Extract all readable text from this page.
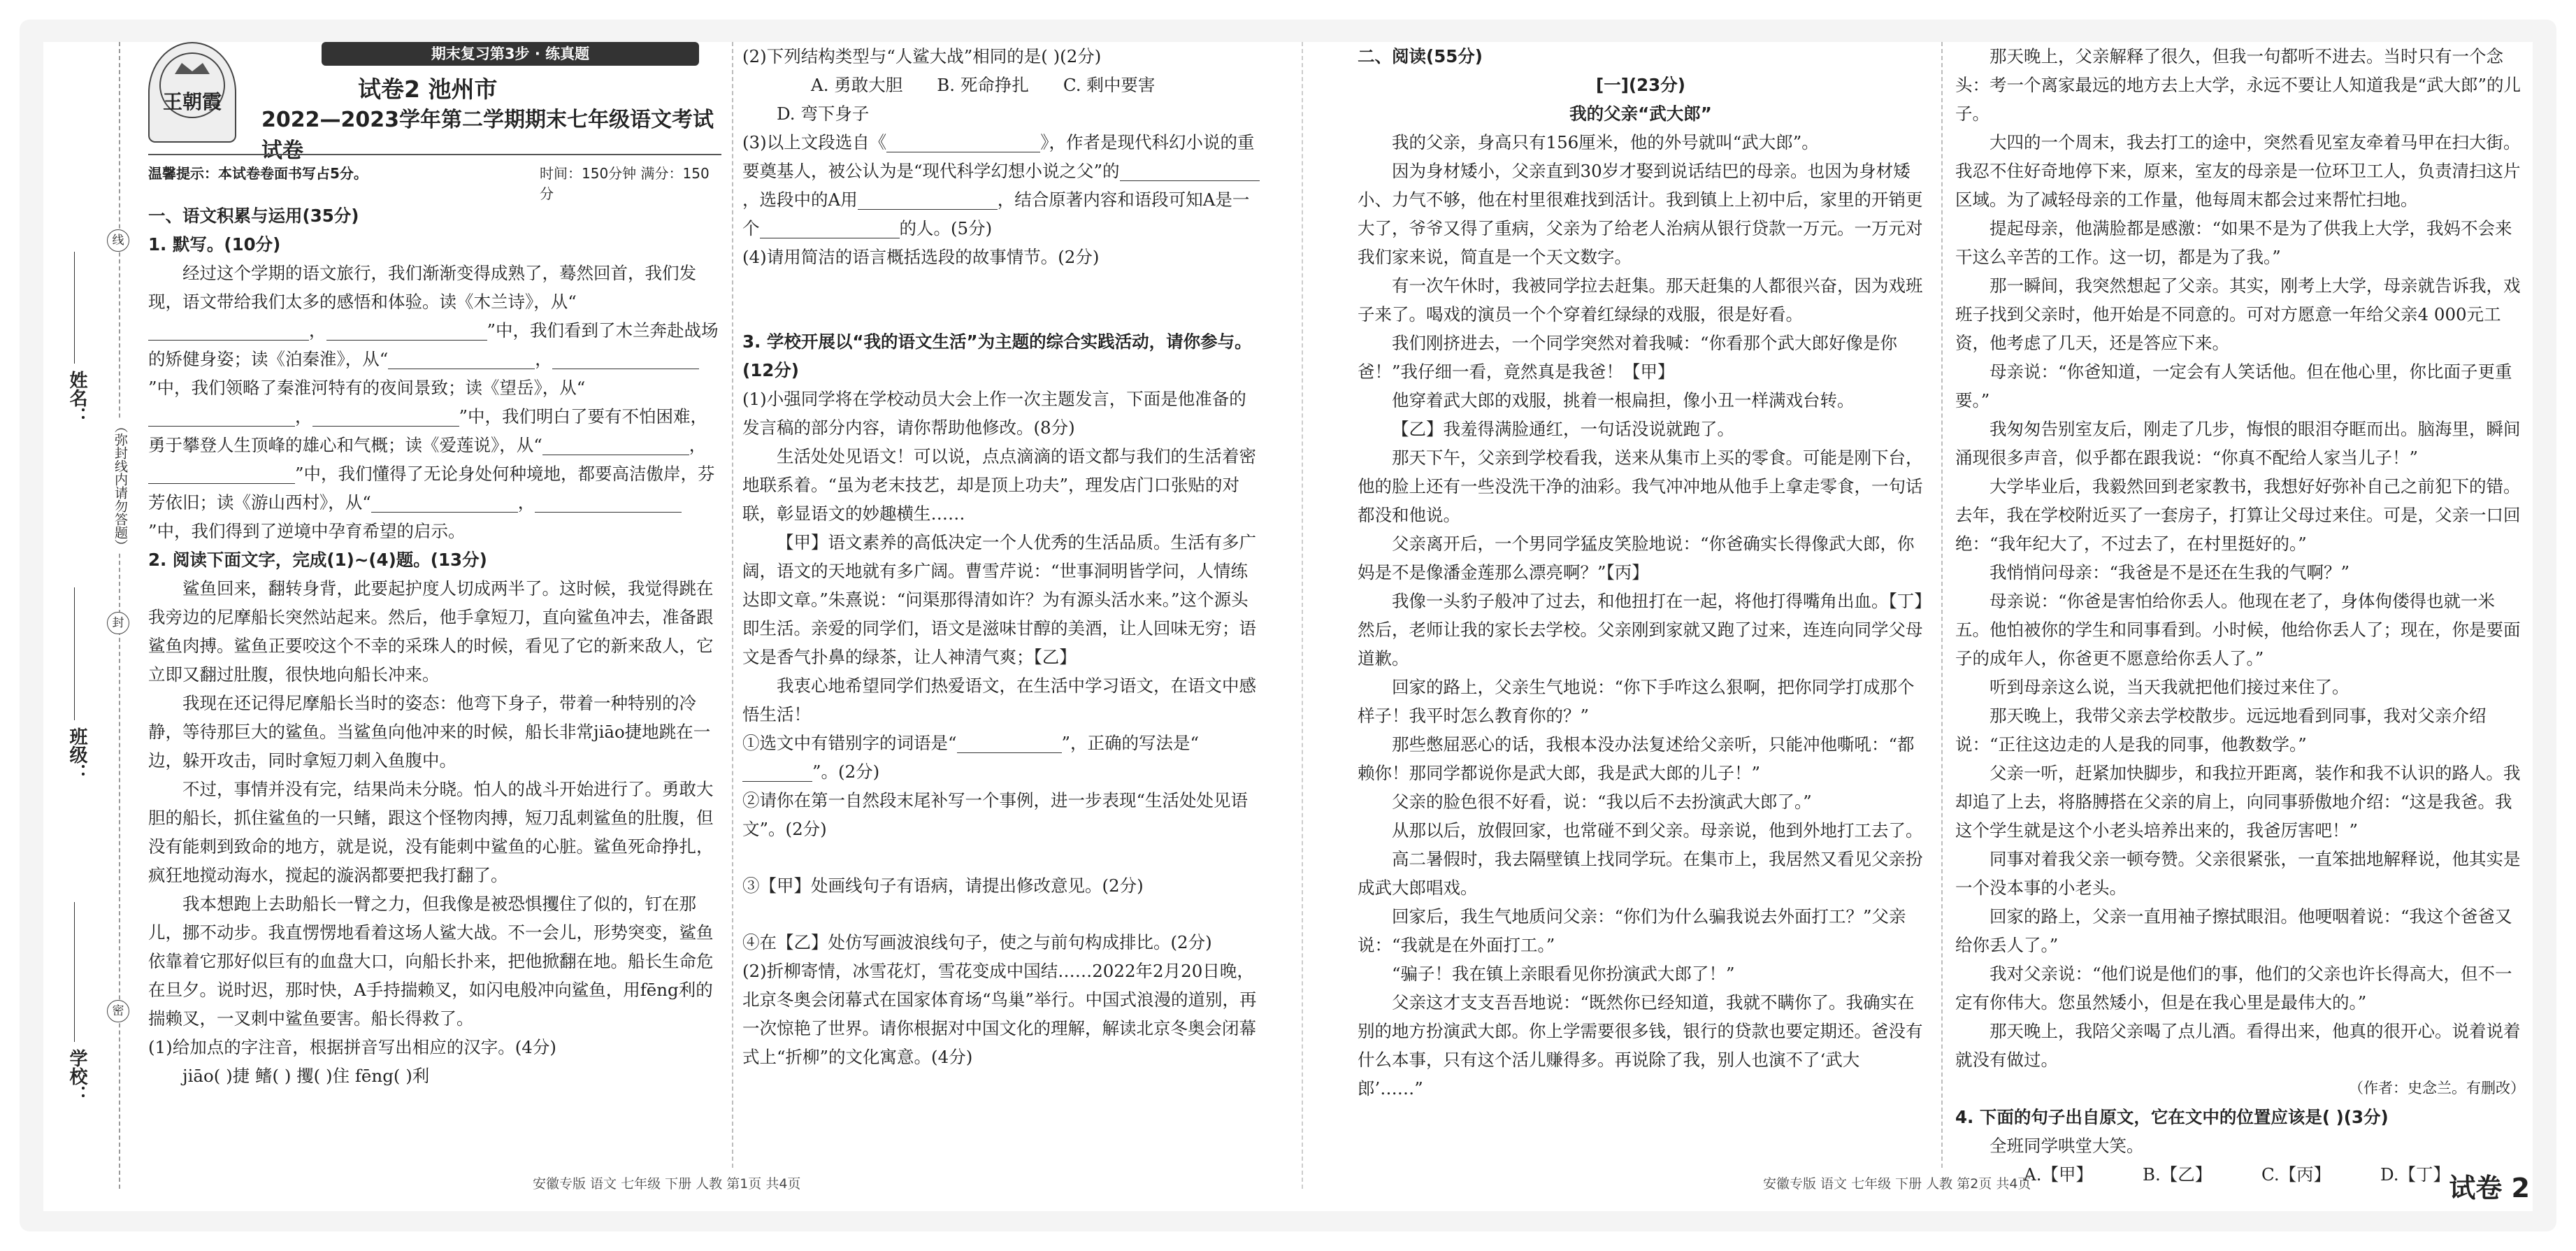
姓名：
班级：
学校：
线
（弥封线内请勿答题）
封
密
王朝霞
期末复习第3步 · 练真题
试卷2 池州市
2022—2023学年第二学期期末七年级语文考试试卷
温馨提示：本试卷卷面书写占5分。	时间：150分钟 满分：150分

一、语文积累与运用(35分)

1. 默写。(10分)

经过这个学期的语文旅行，我们渐渐变得成熟了，蓦然回首，我们发现，语文带给我们太多的感悟和体验。读《木兰诗》，从“，	”中，我们看到了木兰奔赴战场的矫健身姿；读《泊秦淮》，从“	，”中，我们领略了秦淮河特有的夜间景致；读《望岳》，从“，	”中，我们明白了要有不怕困难，勇于攀登人生顶峰的雄心和气概；读《爱莲说》，从“	，”中，我们懂得了无论身处何种境地，都要高洁傲岸，芬芳依旧；读《游山西村》，从“	，”中，我们得到了逆境中孕育希望的启示。

2. 阅读下面文字，完成(1)~(4)题。(13分)

鲨鱼回来，翻转身背，此要起护度人切成两半了。这时候，我觉得跳在我旁边的尼摩船长突然站起来。然后，他手拿短刀，直向鲨鱼冲去，准备跟鲨鱼肉搏。鲨鱼正要咬这个不幸的采珠人的时候，看见了它的新来敌人，它立即又翻过肚腹，很快地向船长冲来。

我现在还记得尼摩船长当时的姿态：他弯下身子，带着一种特别的冷静，等待那巨大的鲨鱼。当鲨鱼向他冲来的时候，船长非常jiāo捷地跳在一边，躲开攻击，同时拿短刀刺入鱼腹中。

不过，事情并没有完，结果尚未分晓。怕人的战斗开始进行了。勇敢大胆的船长，抓住鲨鱼的一只鳍，跟这个怪物肉搏，短刀乱刺鲨鱼的肚腹，但没有能刺到致命的地方，就是说，没有能刺中鲨鱼的心脏。鲨鱼死命挣扎，疯狂地搅动海水，搅起的漩涡都要把我打翻了。

我本想跑上去助船长一臂之力，但我像是被恐惧攫住了似的，钉在那儿，挪不动步。我直愣愣地看着这场人鲨大战。不一会儿，形势突变，鲨鱼依靠着它那好似巨有的血盘大口，向船长扑来，把他掀翻在地。船长生命危在旦夕。说时迟，那时快，A手持揣赖叉，如闪电般冲向鲨鱼，用fēng利的揣赖叉，一叉刺中鲨鱼要害。船长得救了。

(1)给加点的字注音，根据拼音写出相应的汉字。(4分)

jiāo( )捷 鳍( ) 攫( )住 fēng( )利

(2)下列结构类型与“人鲨大战”相同的是( )(2分)

A. 勇敢大胆 B. 死命挣扎 C. 剩中要害D. 弯下身子

(3)以上文段选自《	》，作者是现代科幻小说的重要奠基人，被公认为是“现代科学幻想小说之父”的，选段中的A用	，结合原著内容和语段可知A是一个	的人。(5分)

(4)请用简洁的语言概括选段的故事情节。(2分)

3. 学校开展以“我的语文生活”为主题的综合实践活动，请你参与。(12分)

(1)小强同学将在学校动员大会上作一次主题发言，下面是他准备的发言稿的部分内容，请你帮助他修改。(8分)

生活处处见语文！可以说，点点滴滴的语文都与我们的生活着密地联系着。“虽为老末技艺，却是顶上功夫”，理发店门口张贴的对联，彰显语文的妙趣横生……

【甲】语文素养的高低决定一个人优秀的生活品质。生活有多广阔，语文的天地就有多广阔。曹雪芹说：“世事洞明皆学问，人情练达即文章。”朱熹说：“问渠那得清如许？为有源头活水来。”这个源头即生活。亲爱的同学们，语文是滋味甘醇的美酒，让人回味无穷；语文是香气扑鼻的绿茶，让人神清气爽；【乙】

我衷心地希望同学们热爱语文，在生活中学习语文，在语文中感悟生活！

①选文中有错别字的词语是“	”，正确的写法是“”。(2分)

②请你在第一自然段末尾补写一个事例，进一步表现“生活处处见语文”。(2分)

③【甲】处画线句子有语病，请提出修改意见。(2分)

④在【乙】处仿写画波浪线句子，使之与前句构成排比。(2分)

(2)折柳寄情，冰雪花灯，雪花变成中国结……2022年2月20日晚，北京冬奥会闭幕式在国家体育场“鸟巢”举行。中国式浪漫的道别，再一次惊艳了世界。请你根据对中国文化的理解，解读北京冬奥会闭幕式上“折柳”的文化寓意。(4分)

安徽专版 语文 七年级 下册 人教 第1页 共4页

二、阅读(55分)

[一](23分)

我的父亲“武大郎”

我的父亲，身高只有156厘米，他的外号就叫“武大郎”。

因为身材矮小，父亲直到30岁才娶到说话结巴的母亲。也因为身材矮小、力气不够，他在村里很难找到活计。我到镇上上初中后，家里的开销更大了，爷爷又得了重病，父亲为了给老人治病从银行贷款一万元。一万元对我们家来说，简直是一个天文数字。

有一次午休时，我被同学拉去赶集。那天赶集的人都很兴奋，因为戏班子来了。喝戏的演员一个个穿着红绿绿的戏服，很是好看。

我们刚挤进去，一个同学突然对着我喊：“你看那个武大郎好像是你爸！”我仔细一看，竟然真是我爸！【甲】

他穿着武大郎的戏服，挑着一根扁担，像小丑一样满戏台转。

【乙】我羞得满脸通红，一句话没说就跑了。

那天下午，父亲到学校看我，送来从集市上买的零食。可能是刚下台，他的脸上还有一些没洗干净的油彩。我气冲冲地从他手上拿走零食，一句话都没和他说。

父亲离开后，一个男同学猛皮笑脸地说：“你爸确实长得像武大郎，你妈是不是像潘金莲那么漂亮啊？”【丙】

我像一头豹子般冲了过去，和他扭打在一起，将他打得嘴角出血。【丁】然后，老师让我的家长去学校。父亲刚到家就又跑了过来，连连向同学父母道歉。

回家的路上，父亲生气地说：“你下手咋这么狠啊，把你同学打成那个样子！我平时怎么教育你的？”

那些憋屈恶心的话，我根本没办法复述给父亲听，只能冲他嘶吼：“都赖你！那同学都说你是武大郎，我是武大郎的儿子！”

父亲的脸色很不好看，说：“我以后不去扮演武大郎了。”

从那以后，放假回家，也常碰不到父亲。母亲说，他到外地打工去了。

高二暑假时，我去隔壁镇上找同学玩。在集市上，我居然又看见父亲扮成武大郎唱戏。

回家后，我生气地质问父亲：“你们为什么骗我说去外面打工？”父亲说：“我就是在外面打工。”

“骗子！我在镇上亲眼看见你扮演武大郎了！”

父亲这才支支吾吾地说：“既然你已经知道，我就不瞒你了。我确实在别的地方扮演武大郎。你上学需要很多钱，银行的贷款也要定期还。爸没有什么本事，只有这个活儿赚得多。再说除了我，别人也演不了‘武大郎’……”

那天晚上，父亲解释了很久，但我一句都听不进去。当时只有一个念头：考一个离家最远的地方去上大学，永远不要让人知道我是“武大郎”的儿子。

大四的一个周末，我去打工的途中，突然看见室友牵着马甲在扫大街。我忍不住好奇地停下来，原来，室友的母亲是一位环卫工人，负责清扫这片区域。为了减轻母亲的工作量，他每周末都会过来帮忙扫地。

提起母亲，他满脸都是感激：“如果不是为了供我上大学，我妈不会来干这么辛苦的工作。这一切，都是为了我。”

那一瞬间，我突然想起了父亲。其实，刚考上大学，母亲就告诉我，戏班子找到父亲时，他开始是不同意的。可对方愿意一年给父亲4 000元工资，他考虑了几天，还是答应下来。

母亲说：“你爸知道，一定会有人笑话他。但在他心里，你比面子更重要。”

我匆匆告别室友后，刚走了几步，悔恨的眼泪夺眶而出。脑海里，瞬间涌现很多声音，似乎都在跟我说：“你真不配给人家当儿子！”

大学毕业后，我毅然回到老家教书，我想好好弥补自己之前犯下的错。去年，我在学校附近买了一套房子，打算让父母过来住。可是，父亲一口回绝：“我年纪大了，不过去了，在村里挺好的。”

我悄悄问母亲：“我爸是不是还在生我的气啊？”

母亲说：“你爸是害怕给你丢人。他现在老了，身体佝偻得也就一米五。他怕被你的学生和同事看到。小时候，他给你丢人了；现在，你是要面子的成年人，你爸更不愿意给你丢人了。”

听到母亲这么说，当天我就把他们接过来住了。

那天晚上，我带父亲去学校散步。远远地看到同事，我对父亲介绍说：“正往这边走的人是我的同事，他教数学。”

父亲一听，赶紧加快脚步，和我拉开距离，装作和我不认识的路人。我却追了上去，将胳膊搭在父亲的肩上，向同事骄傲地介绍：“这是我爸。我这个学生就是这个小老头培养出来的，我爸厉害吧！”

同事对着我父亲一顿夸赞。父亲很紧张，一直笨拙地解释说，他其实是一个没本事的小老头。

回家的路上，父亲一直用袖子擦拭眼泪。他哽咽着说：“我这个爸爸又给你丢人了。”

我对父亲说：“他们说是他们的事，他们的父亲也许长得高大，但不一定有你伟大。您虽然矮小，但是在我心里是最伟大的。”

那天晚上，我陪父亲喝了点儿酒。看得出来，他真的很开心。说着说着就没有做过。

（作者：史念兰。有删改）

4. 下面的句子出自原文，它在文中的位置应该是( )(3分)

全班同学哄堂大笑。

A.【甲】	B.【乙】	C.【丙】	D.【丁】

安徽专版 语文 七年级 下册 人教 第2页 共4页	试卷 2
